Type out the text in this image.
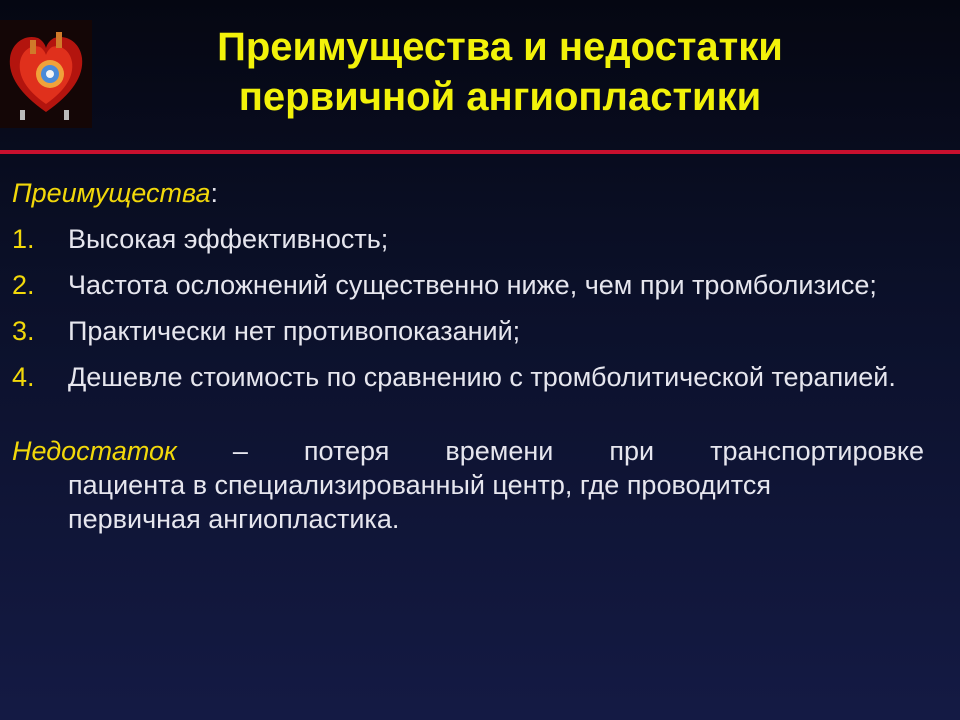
Преимущества и недостатки
первичной ангиопластики
Преимущества:
1. Высокая эффективность;
2. Частота осложнений существенно ниже, чем при тромболизисе;
3. Практически нет противопоказаний;
4. Дешевле стоимость по сравнению с тромболитической терапией.
Недостаток – потеря времени при транспортировке
пациента в специализированный центр, где проводится
первичная ангиопластика.
